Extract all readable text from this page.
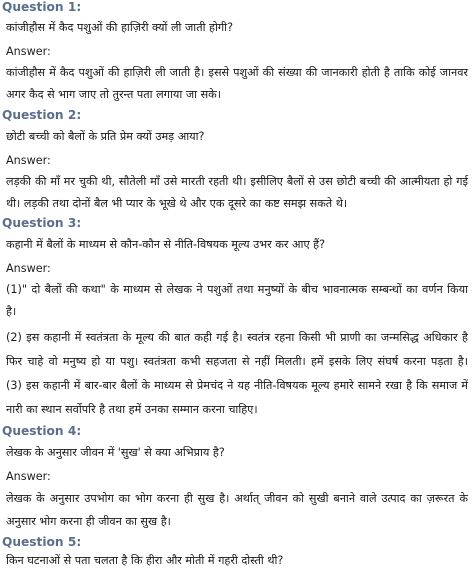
Question 1:
कांजीहौस में कैद पशुओं की हाज़िरी क्यों ली जाती होगी?
Answer:
कांजीहौस में कैद पशुओं की हाज़िरी ली जाती है। इससे पशुओं की संख्या की जानकारी होती है ताकि कोई जानवर
अगर कैद से भाग जाए तो तुरन्त पता लगाया जा सके।
Question 2:
छोटी बच्ची को बैलों के प्रति प्रेम क्यों उमड़ आया?
Answer:
लड़की की माँ मर चुकी थी, सौतेली माँ उसे मारती रहती थी। इसीलिए बैलों से उस छोटी बच्ची की आत्मीयता हो गई
थी। लड़की तथा दोनों बैल भी प्यार के भूखे थे और एक दूसरे का कष्ट समझ सकते थे।
Question 3:
कहानी में बैलों के माध्यम से कौन-कौन से नीति-विषयक मूल्य उभर कर आए हैं?
Answer:
(1)" दो बैलों की कथा" के माध्यम से लेखक ने पशुओं तथा मनुष्यों के बीच भावनात्मक सम्बन्धों का वर्णन किया
है।
(2) इस कहानी में स्वतंत्रता के मूल्य की बात कही गई है। स्वतंत्र रहना किसी भी प्राणी का जन्मसिद्ध अधिकार है
फिर चाहे वो मनुष्य हो या पशु। स्वतंत्रता कभी सहजता से नहीं मिलती। हमें इसके लिए संघर्ष करना पड़ता है।
(3) इस कहानी में बार-बार बैलों के माध्यम से प्रेमचंद ने यह नीति-विषयक मूल्य हमारे सामने रखा है कि समाज में
नारी का स्थान सर्वोपरि है तथा हमें उनका सम्मान करना चाहिए।
Question 4:
लेखक के अनुसार जीवन में 'सुख' से क्या अभिप्राय है?
Answer:
लेखक के अनुसार उपभोग का भोग करना ही सुख है। अर्थात् जीवन को सुखी बनाने वाले उत्पाद का ज़रूरत के
अनुसार भोग करना ही जीवन का सुख है।
Question 5:
किन घटनाओं से पता चलता है कि हीरा और मोती में गहरी दोस्ती थी?
